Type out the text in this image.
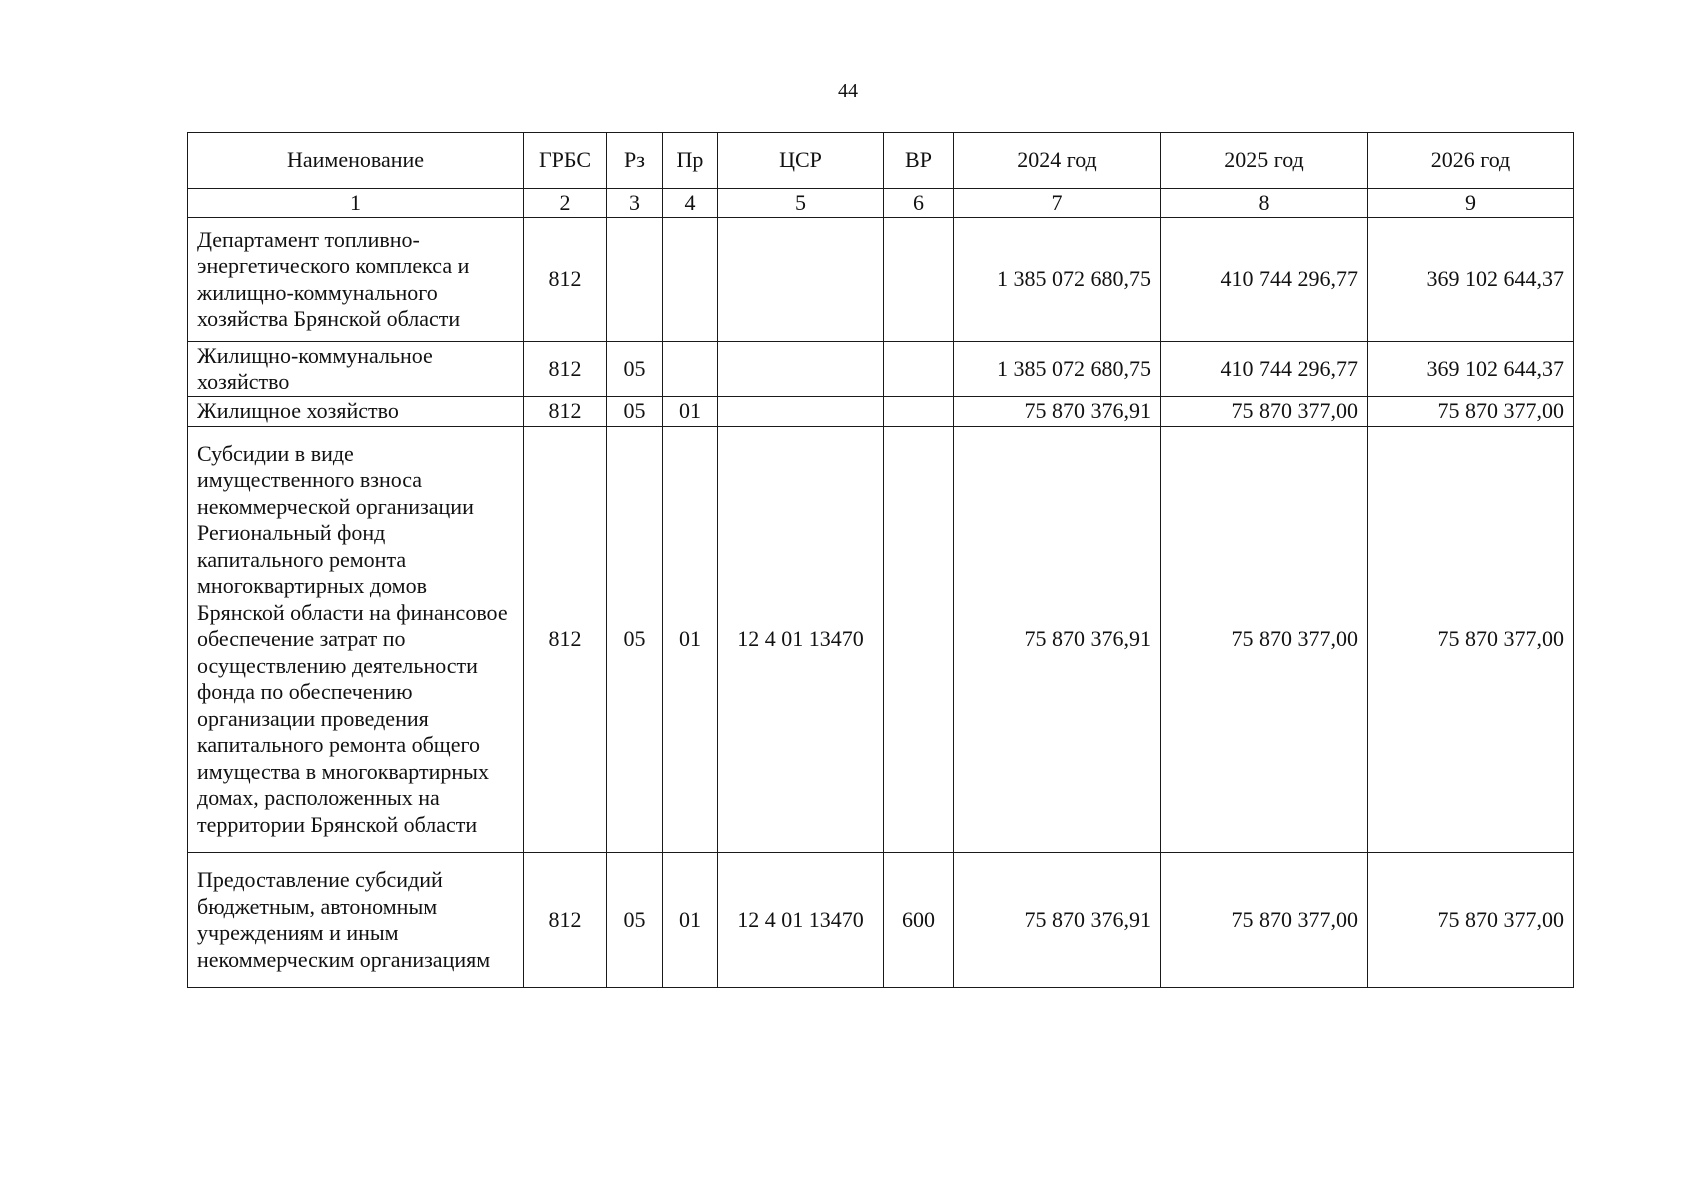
44
Наименование	ГРБС	Рз	Пр	ЦСР	ВР	2024 год	2025 год	2026 год
1	2	3	4	5	6	7	8	9
Департамент топливно-энергетического комплекса и жилищно-коммунального хозяйства Брянской области	812					1 385 072 680,75	410 744 296,77	369 102 644,37
Жилищно-коммунальное хозяйство	812	05				1 385 072 680,75	410 744 296,77	369 102 644,37
Жилищное хозяйство	812	05	01			75 870 376,91	75 870 377,00	75 870 377,00
Субсидии в виде имущественного взноса некоммерческой организации Региональный фонд капитального ремонта многоквартирных домов Брянской области на финансовое обеспечение затрат по осуществлению деятельности фонда по обеспечению организации проведения капитального ремонта общего имущества в многоквартирных домах, расположенных на территории Брянской области	812	05	01	12 4 01 13470		75 870 376,91	75 870 377,00	75 870 377,00
Предоставление субсидий бюджетным, автономным учреждениям и иным некоммерческим организациям	812	05	01	12 4 01 13470	600	75 870 376,91	75 870 377,00	75 870 377,00
